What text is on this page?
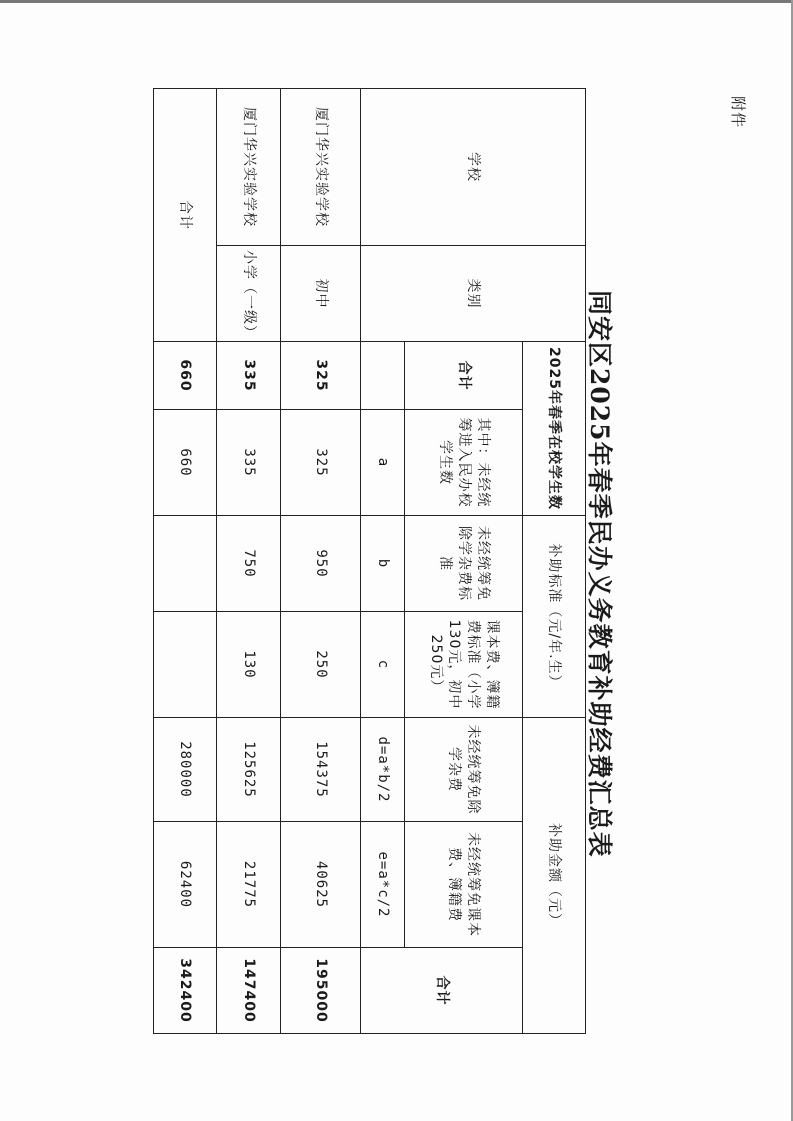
附件
同安区2025年春季民办义务教育补助经费汇总表
学校	类别	2025年春季在校学生数		补助标准（元/年.生）		补助金额（元）		
		合计	其中：未经统筹进入民办校学生数	未经统筹免除学杂费标准	课本费、簿籍费标准（小学130元，初中250元）	未经统筹免除学杂费	未经统筹免课本费、簿籍费	合计
			a	b	c	d=a*b/2	e=a*c/2	
厦门华兴实验学校	初中	325	325	950	250	154375	40625	195000
厦门华兴实验学校	小学（一级）	335	335	750	130	125625	21775	147400
合计		660	660			280000	62400	342400
